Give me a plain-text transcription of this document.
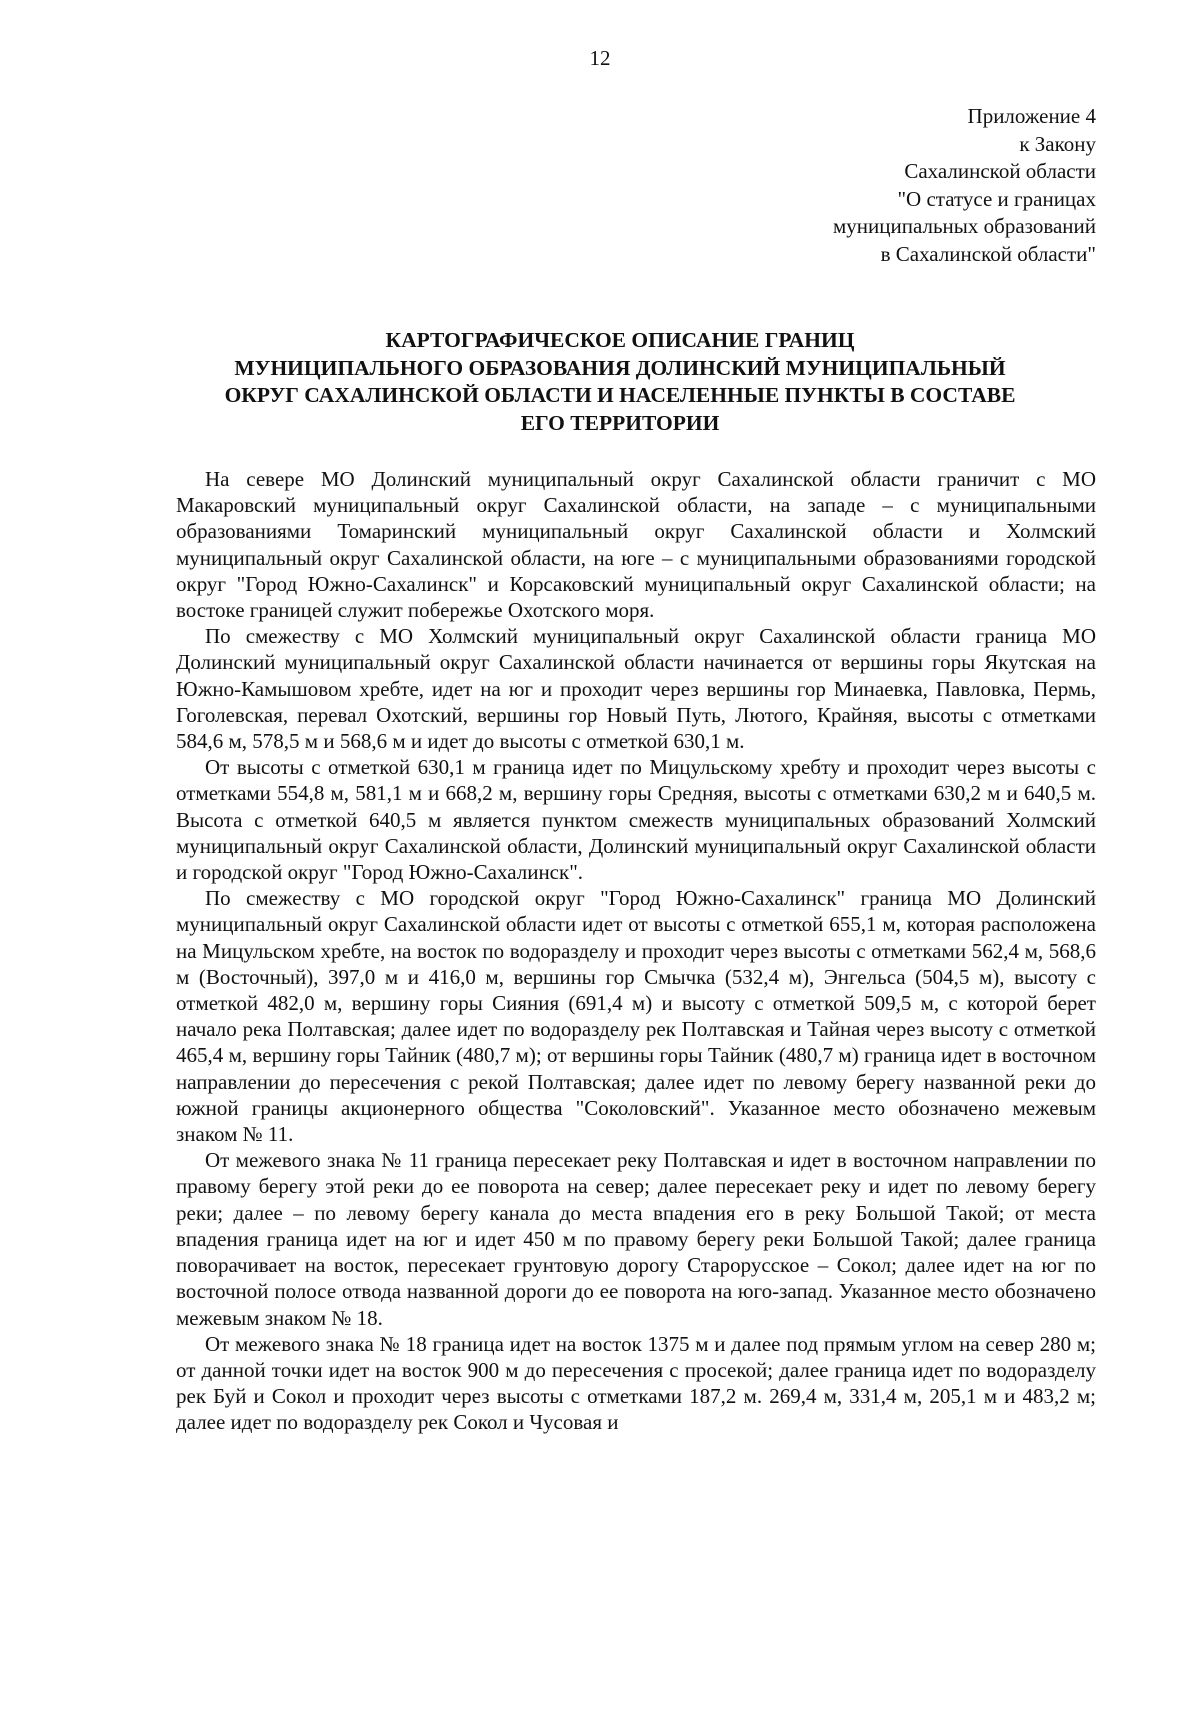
12
Приложение 4
к Закону
Сахалинской области
"О статусе и границах
муниципальных образований
в Сахалинской области"
КАРТОГРАФИЧЕСКОЕ ОПИСАНИЕ ГРАНИЦ
МУНИЦИПАЛЬНОГО ОБРАЗОВАНИЯ ДОЛИНСКИЙ МУНИЦИПАЛЬНЫЙ
ОКРУГ САХАЛИНСКОЙ ОБЛАСТИ И НАСЕЛЕННЫЕ ПУНКТЫ В СОСТАВЕ
ЕГО ТЕРРИТОРИИ

На севере МО Долинский муниципальный округ Сахалинской области граничит с МО Макаровский муниципальный округ Сахалинской области, на западе – с муниципальными образованиями Томаринский муниципальный округ Сахалинской области и Холмский муниципальный округ Сахалинской области, на юге – с муниципальными образованиями городской округ "Город Южно-Сахалинск" и Корсаковский муниципальный округ Сахалинской области; на востоке границей служит побережье Охотского моря.

По смежеству с МО Холмский муниципальный округ Сахалинской области граница МО Долинский муниципальный округ Сахалинской области начинается от вершины горы Якутская на Южно-Камышовом хребте, идет на юг и проходит через вершины гор Минаевка, Павловка, Пермь, Гоголевская, перевал Охотский, вершины гор Новый Путь, Лютого, Крайняя, высоты с отметками 584,6 м, 578,5 м и 568,6 м и идет до высоты с отметкой 630,1 м.

От высоты с отметкой 630,1 м граница идет по Мицульскому хребту и проходит через высоты с отметками 554,8 м, 581,1 м и 668,2 м, вершину горы Средняя, высоты с отметками 630,2 м и 640,5 м. Высота с отметкой 640,5 м является пунктом смежеств муниципальных образований Холмский муниципальный округ Сахалинской области, Долинский муниципальный округ Сахалинской области и городской округ "Город Южно-Сахалинск".

По смежеству с МО городской округ "Город Южно-Сахалинск" граница МО Долинский муниципальный округ Сахалинской области идет от высоты с отметкой 655,1 м, которая расположена на Мицульском хребте, на восток по водоразделу и проходит через высоты с отметками 562,4 м, 568,6 м (Восточный), 397,0 м и 416,0 м, вершины гор Смычка (532,4 м), Энгельса (504,5 м), высоту с отметкой 482,0 м, вершину горы Сияния (691,4 м) и высоту с отметкой 509,5 м, с которой берет начало река Полтавская; далее идет по водоразделу рек Полтавская и Тайная через высоту с отметкой 465,4 м, вершину горы Тайник (480,7 м); от вершины горы Тайник (480,7 м) граница идет в восточном направлении до пересечения с рекой Полтавская; далее идет по левому берегу названной реки до южной границы акционерного общества "Соколовский". Указанное место обозначено межевым знаком № 11.

От межевого знака № 11 граница пересекает реку Полтавская и идет в восточном направлении по правому берегу этой реки до ее поворота на север; далее пересекает реку и идет по левому берегу реки; далее – по левому берегу канала до места впадения его в реку Большой Такой; от места впадения граница идет на юг и идет 450 м по правому берегу реки Большой Такой; далее граница поворачивает на восток, пересекает грунтовую дорогу Старорусское – Сокол; далее идет на юг по восточной полосе отвода названной дороги до ее поворота на юго-запад. Указанное место обозначено межевым знаком № 18.

От межевого знака № 18 граница идет на восток 1375 м и далее под прямым углом на север 280 м; от данной точки идет на восток 900 м до пересечения с просекой; далее граница идет по водоразделу рек Буй и Сокол и проходит через высоты с отметками 187,2 м. 269,4 м, 331,4 м, 205,1 м и 483,2 м; далее идет по водоразделу рек Сокол и Чусовая и
